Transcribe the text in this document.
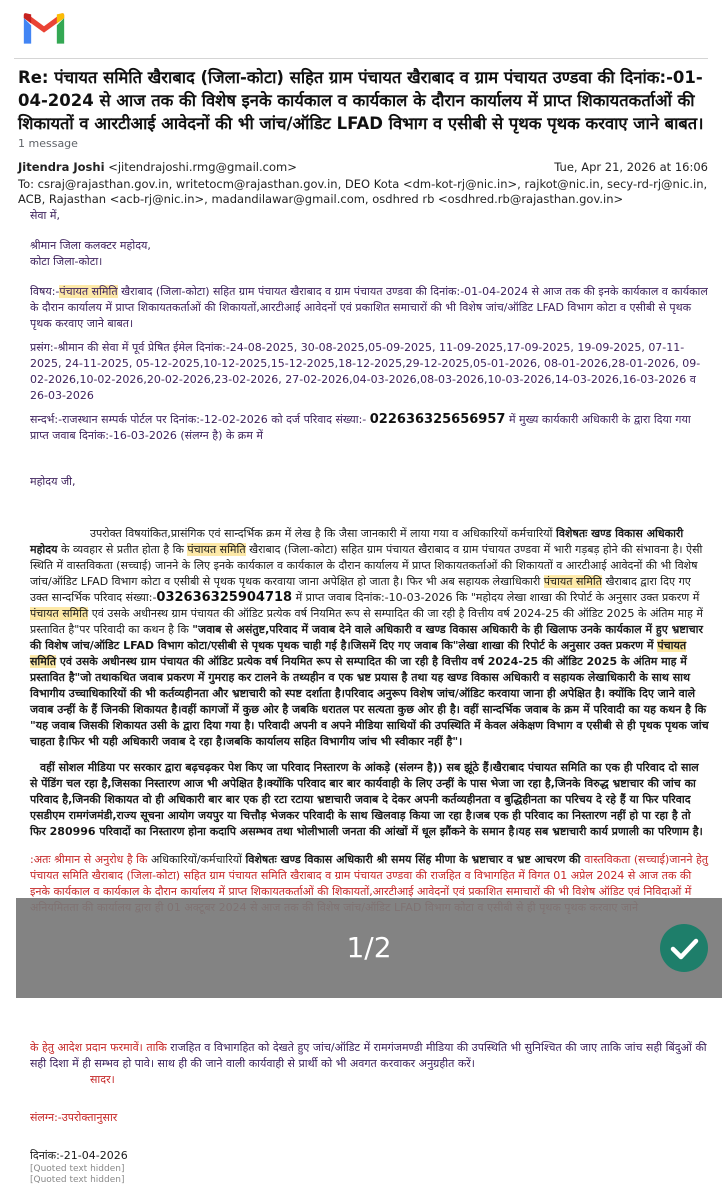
Re: पंचायत समिति खैराबाद (जिला-कोटा) सहित ग्राम पंचायत खैराबाद व ग्राम पंचायत उण्डवा की दिनांक:-01-04-2024 से आज तक की विशेष इनके कार्यकाल व कार्यकाल के दौरान कार्यालय में प्राप्त शिकायतकर्ताओं की शिकायतों व आरटीआई आवेदनों की भी जांच/ऑडिट LFAD विभाग व एसीबी से पृथक पृथक करवाए जाने बाबत।
1 message
Jitendra Joshi <jitendrajoshi.rmg@gmail.com>	Tue, Apr 21, 2026 at 16:06
To: csraj@rajasthan.gov.in, writetocm@rajasthan.gov.in, DEO Kota <dm-kot-rj@nic.in>, rajkot@nic.in, secy-rd-rj@nic.in, ACB, Rajasthan <acb-rj@nic.in>, madandilawar@gmail.com, osdhred rb <osdhred.rb@rajasthan.gov.in>

सेवा में,

श्रीमान जिला कलक्टर महोदय,

कोटा जिला-कोटा।

विषय:-पंचायत समिति खैराबाद (जिला-कोटा) सहित ग्राम पंचायत खैराबाद व ग्राम पंचायत उण्डवा की दिनांक:-01-04-2024 से आज तक की इनके कार्यकाल व कार्यकाल के दौरान कार्यालय में प्राप्त शिकायतकर्ताओं की शिकायतों,आरटीआई आवेदनों एवं प्रकाशित समाचारों की भी विशेष जांच/ऑडिट LFAD विभाग कोटा व एसीबी से पृथक पृथक करवाए जाने बाबत।

प्रसंग:-श्रीमान की सेवा में पूर्व प्रेषित ईमेल दिनांक:-24-08-2025, 30-08-2025,05-09-2025, 11-09-2025,17-09-2025, 19-09-2025, 07-11-2025, 24-11-2025, 05-12-2025,10-12-2025,15-12-2025,18-12-2025,29-12-2025,05-01-2026, 08-01-2026,28-01-2026, 09-02-2026,10-02-2026,20-02-2026,23-02-2026, 27-02-2026,04-03-2026,08-03-2026,10-03-2026,14-03-2026,16-03-2026 व 26-03-2026

सन्दर्भ:-राजस्थान सम्पर्क पोर्टल पर दिनांक:-12-02-2026 को दर्ज परिवाद संख्या:- 022636325656957 में मुख्य कार्यकारी अधिकारी के द्वारा दिया गया प्राप्त जवाब दिनांक:-16-03-2026 (संलग्न है) के क्रम में

महोदय जी,

उपरोक्त विषयांकित,प्रासंगिक एवं सान्दर्भिक क्रम में लेख है कि जैसा जानकारी में लाया गया व अधिकारियों कर्मचारियों विशेषतः खण्ड विकास अधिकारी महोदय के व्यवहार से प्रतीत होता है कि पंचायत समिति खैराबाद (जिला-कोटा) सहित ग्राम पंचायत खैराबाद व ग्राम पंचायत उण्डवा में भारी गड़बड़ होने की संभावना है। ऐसी स्थिति में वास्तविकता (सच्चाई) जानने के लिए इनके कार्यकाल व कार्यकाल के दौरान कार्यालय में प्राप्त शिकायतकर्ताओं की शिकायतों व आरटीआई आवेदनों की भी विशेष जांच/ऑडिट LFAD विभाग कोटा व एसीबी से पृथक पृथक करवाया जाना अपेक्षित हो जाता है। फिर भी अब सहायक लेखाधिकारी पंचायत समिति खैराबाद द्वारा दिए गए उक्त सान्दर्भिक परिवाद संख्या:-032636325904718 में प्राप्त जवाब दिनांक:-10-03-2026 कि "महोदय लेखा शाखा की रिपोर्ट के अनुसार उक्त प्रकरण में पंचायत समिति एवं उसके अधीनस्थ ग्राम पंचायत की ऑडिट प्रत्येक वर्ष नियमित रूप से सम्पादित की जा रही है वित्तीय वर्ष 2024-25 की ऑडिट 2025 के अंतिम माह में प्रस्तावित है"पर परिवादी का कथन है कि "जवाब से असंतुष्ट,परिवाद में जवाब देने वाले अधिकारी व खण्ड विकास अधिकारी के ही खिलाफ उनके कार्यकाल में हुए भ्रष्टाचार की विशेष जांच/ऑडिट LFAD विभाग कोटा/एसीबी से पृथक पृथक चाही गई है।जिसमें दिए गए जवाब कि"लेखा शाखा की रिपोर्ट के अनुसार उक्त प्रकरण में पंचायत समिति एवं उसके अधीनस्थ ग्राम पंचायत की ऑडिट प्रत्येक वर्ष नियमित रूप से सम्पादित की जा रही है वित्तीय वर्ष 2024-25 की ऑडिट 2025 के अंतिम माह में प्रस्तावित है"जो तथाकथित जवाब प्रकरण में गुमराह कर टालने के तथ्यहीन व एक भ्रष्ट प्रयास है तथा यह खण्ड विकास अधिकारी व सहायक लेखाधिकारी के साथ साथ विभागीय उच्चाधिकारियों की भी कर्तव्यहीनता और भ्रष्टाचारी को स्पष्ट दर्शाता है।परिवाद अनुरूप विशेष जांच/ऑडिट करवाया जाना ही अपेक्षित है। क्योंकि दिए जाने वाले जवाब उन्हीं के हैं जिनकी शिकायत है।वहीं कागजों में कुछ ओर है जबकि धरातल पर सत्यता कुछ ओर ही है। वहीं सान्दर्भिक जवाब के क्रम में परिवादी का यह कथन है कि "यह जवाब जिसकी शिकायत उसी के द्वारा दिया गया है। परिवादी अपनी व अपने मीडिया साथियों की उपस्थिति में केवल अंकेक्षण विभाग व एसीबी से ही पृथक पृथक जांच चाहता है।फिर भी यही अधिकारी जवाब दे रहा है।जबकि कार्यालय सहित विभागीय जांच भी स्वीकार नहीं है"।

वहीं सोशल मीडिया पर सरकार द्वारा बढ़चढ़कर पेश किए जा परिवाद निस्तारण के आंकड़े (संलग्न है)) सब झूंठे हैं।खैराबाद पंचायत समिति का एक ही परिवाद दो साल से पेंडिंग चल रहा है,जिसका निस्तारण आज भी अपेक्षित है।क्योंकि परिवाद बार बार कार्यवाही के लिए उन्हीं के पास भेजा जा रहा है,जिनके विरुद्ध भ्रष्टाचार की जांच का परिवाद है,जिनकी शिकायत वो ही अधिकारी बार बार एक ही रटा रटाया भ्रष्टाचारी जवाब दे देकर अपनी कर्तव्यहीनता व बुद्धिहीनता का परिचय दे रहे हैं या फिर परिवाद एसडीएम रामगंजमंडी,राज्य सूचना आयोग जयपुर या चित्तौड़ भेजकर परिवादी के साथ खिलवाड़ किया जा रहा है।जब एक ही परिवाद का निस्तारण नहीं हो पा रहा है तो फिर 280996 परिवादों का निस्तारण होना कदापि असम्भव तथा भोलीभाली जनता की आंखों में धूल झौंकने के समान है।यह सब भ्रष्टाचारी कार्य प्रणाली का परिणाम है।

:अतः श्रीमान से अनुरोध है कि अधिकारियों/कर्मचारियों विशेषतः खण्ड विकास अधिकारी श्री समय सिंह मीणा के भ्रष्टाचार व भ्रष्ट आचरण की वास्तविकता (सच्चाई)जानने हेतु पंचायत समिति खैराबाद (जिला-कोटा) सहित ग्राम पंचायत समिति खैराबाद व ग्राम पंचायत उण्डवा की राजहित व विभागहित में विगत 01 अप्रेल 2024 से आज तक की इनके कार्यकाल व कार्यकाल के दौरान कार्यालय में प्राप्त शिकायतकर्ताओं की शिकायतों,आरटीआई आवेदनों एवं प्रकाशित समाचारों की भी विशेष ऑडिट एवं निविदाओं में

1/2

के हेतु आदेश प्रदान फरमावें। ताकि राजहित व विभागहित को देखते हुए जांच/ऑडिट में रामगंजमण्डी मीडिया की उपस्थिति भी सुनिश्चित की जाए ताकि जांच सही बिंदुओं की सही दिशा में ही सम्भव हो पावे। साथ ही की जाने वाली कार्यवाही से प्रार्थी को भी अवगत करवाकर अनुग्रहीत करें।

सादर।

संलग्न:-उपरोक्तानुसार

दिनांक:-21-04-2026

[Quoted text hidden]
[Quoted text hidden]
